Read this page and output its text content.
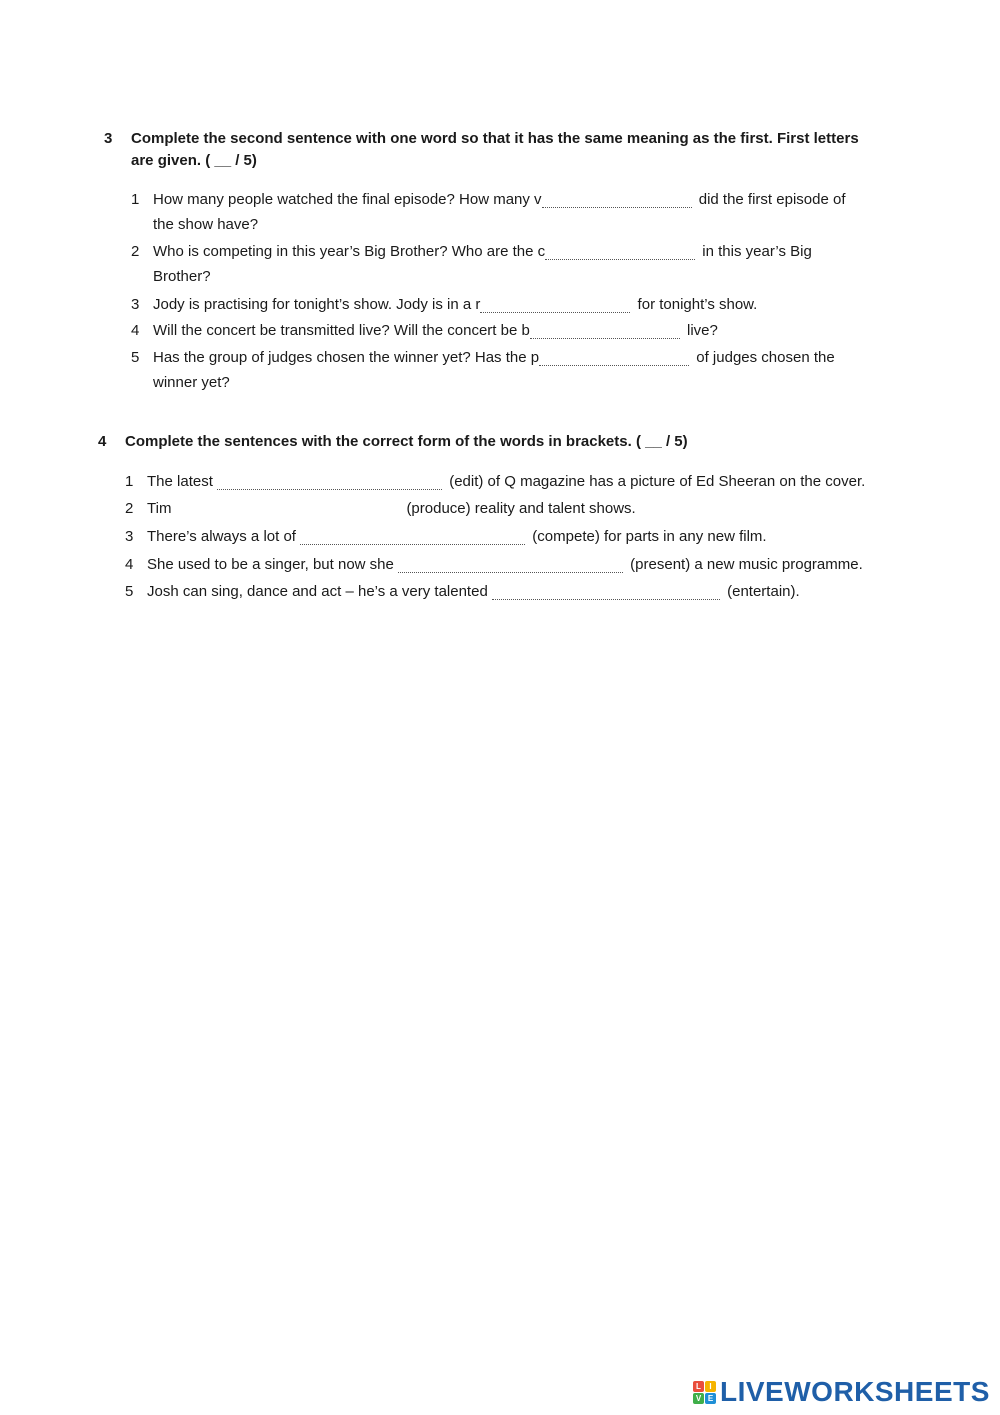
3 Complete the second sentence with one word so that it has the same meaning as the first. First letters
are given. ( __ / 5)
1 How many people watched the final episode? How many v	did the first episode of
the show have?
2 Who is competing in this year’s Big Brother? Who are the c	in this year’s Big
Brother?
3 Jody is practising for tonight’s show. Jody is in a r	for tonight’s show.
4 Will the concert be transmitted live? Will the concert be b	live?
5 Has the group of judges chosen the winner yet? Has the p	of judges chosen the
winner yet?
4 Complete the sentences with the correct form of the words in brackets. ( __ / 5)
1 The latest	(edit) of Q magazine has a picture of Ed Sheeran on the cover.
2 Tim	(produce) reality and talent shows.
3 There’s always a lot of	(compete) for parts in any new film.
4 She used to be a singer, but now she	(present) a new music programme.
5 Josh can sing, dance and act – he’s a very talented	(entertain).
L	I
V E LIVEWORKSHEETS
